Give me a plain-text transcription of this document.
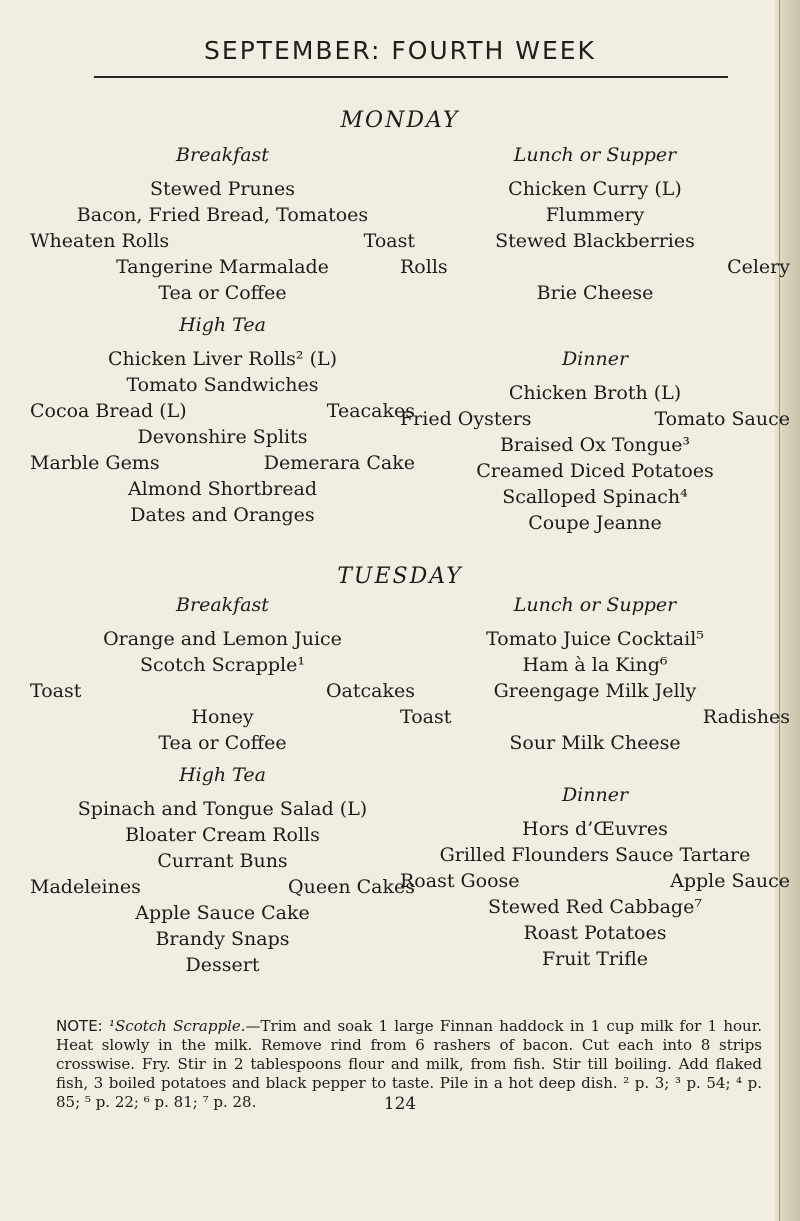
SEPTEMBER: FOURTH WEEK
MONDAY
Breakfast
Stewed Prunes
Bacon, Fried Bread, Tomatoes
Wheaten Rolls	Toast
Tangerine Marmalade
Tea or Coffee
Lunch or Supper
Chicken Curry (L)
Flummery
Stewed Blackberries
Rolls	Celery
Brie Cheese
High Tea
Chicken Liver Rolls² (L)
Tomato Sandwiches
Cocoa Bread (L)	Teacakes
Devonshire Splits
Marble Gems	Demerara Cake
Almond Shortbread
Dates and Oranges
Dinner
Chicken Broth (L)
Fried Oysters	Tomato Sauce
Braised Ox Tongue³
Creamed Diced Potatoes
Scalloped Spinach⁴
Coupe Jeanne
TUESDAY
Breakfast
Orange and Lemon Juice
Scotch Scrapple¹
Toast	Oatcakes
Honey
Tea or Coffee
Lunch or Supper
Tomato Juice Cocktail⁵
Ham à la King⁶
Greengage Milk Jelly
Toast	Radishes
Sour Milk Cheese
High Tea
Spinach and Tongue Salad (L)
Bloater Cream Rolls
Currant Buns
Madeleines	Queen Cakes
Apple Sauce Cake
Brandy Snaps
Dessert
Dinner
Hors d’Œuvres
Grilled Flounders Sauce Tartare
Roast Goose	Apple Sauce
Stewed Red Cabbage⁷
Roast Potatoes
Fruit Trifle
NOTE: ¹Scotch Scrapple.—Trim and soak 1 large Finnan haddock in 1 cup milk for 1 hour. Heat slowly in the milk. Remove rind from 6 rashers of bacon. Cut each into 8 strips crosswise. Fry. Stir in 2 tablespoons flour and milk, from fish. Stir till boiling. Add flaked fish, 3 boiled potatoes and black pepper to taste. Pile in a hot deep dish. ² p. 3; ³ p. 54; ⁴ p. 85; ⁵ p. 22; ⁶ p. 81; ⁷ p. 28.	124
